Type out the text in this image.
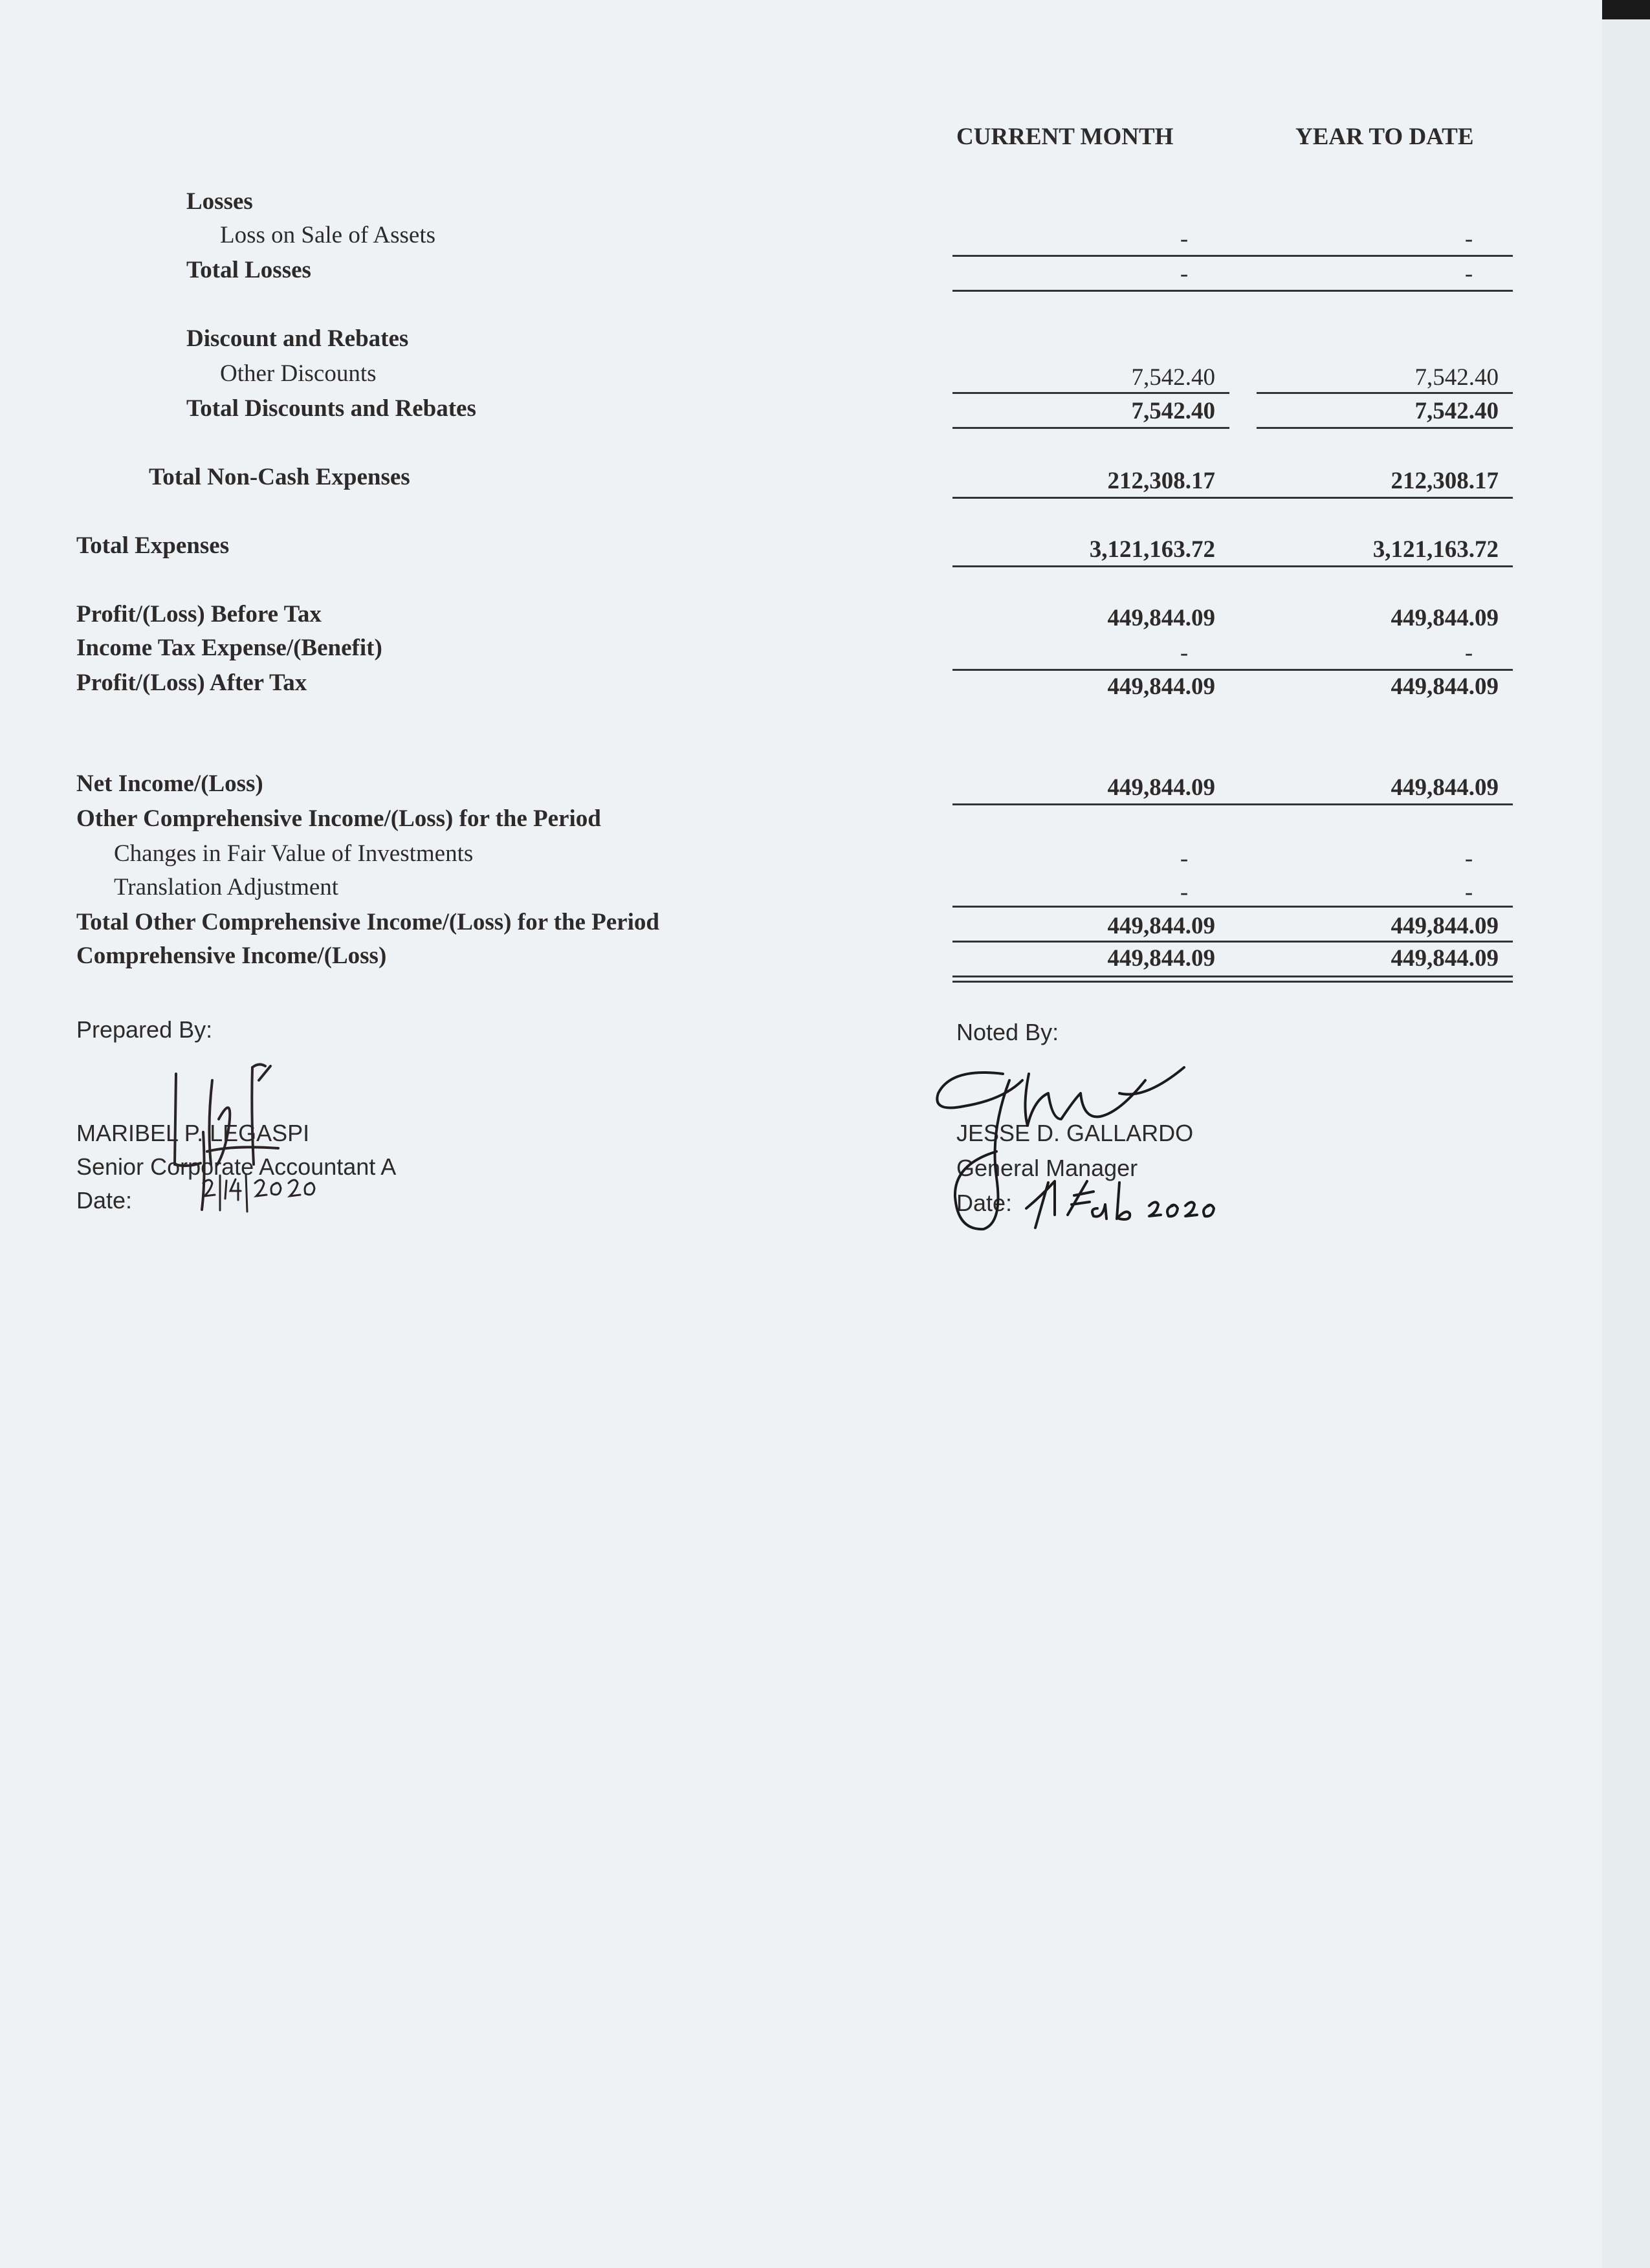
CURRENT MONTH	YEAR TO DATE
Losses
Loss on Sale of Assets	-	-
Total Losses	-	-
Discount and Rebates
Other Discounts	7,542.40	7,542.40
Total Discounts and Rebates	7,542.40	7,542.40
Total Non-Cash Expenses	212,308.17	212,308.17
Total Expenses	3,121,163.72	3,121,163.72
Profit/(Loss) Before Tax	449,844.09	449,844.09
Income Tax Expense/(Benefit)	-	-
Profit/(Loss) After Tax	449,844.09	449,844.09
Net Income/(Loss)	449,844.09	449,844.09
Other Comprehensive Income/(Loss) for the Period
Changes in Fair Value of Investments	-	-
Translation Adjustment	-	-
Total Other Comprehensive Income/(Loss) for the Period	449,844.09	449,844.09
Comprehensive Income/(Loss)	449,844.09	449,844.09
Prepared By:
MARIBEL P. LEGASPI
Senior Corporate Accountant A
Date:
Noted By:
JESSE D. GALLARDO
General Manager
Date:
